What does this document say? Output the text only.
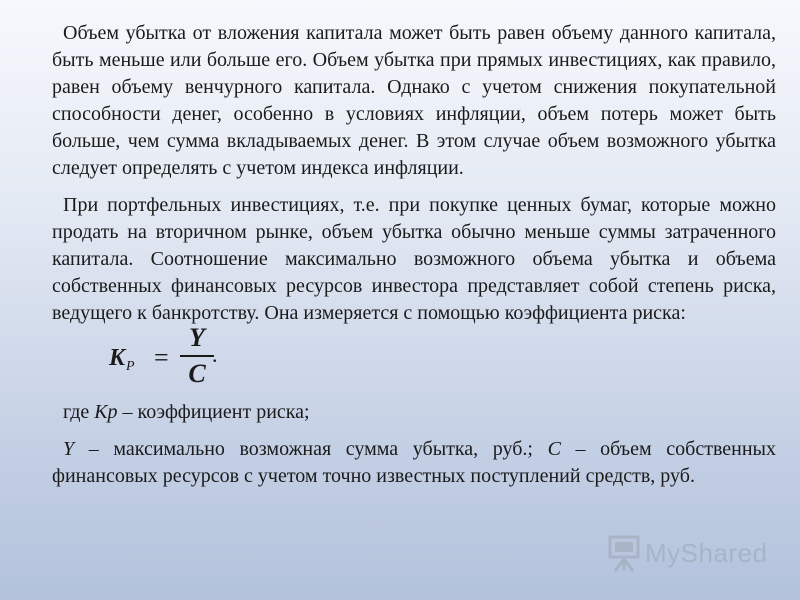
Объем убытка от вложения капитала может быть равен объему данного капитала, быть меньше или больше его. Объем убытка при прямых инвестициях, как правило, равен объему венчурного капитала. Однако с учетом снижения покупательной способности денег, особенно в условиях инфляции, объем потерь может быть больше, чем сумма вкладываемых денег. В этом случае объем возможного убытка следует определять с учетом индекса инфляции.

При портфельных инвестициях, т.е. при покупке ценных бумаг, которые можно продать на вторичном рынке, объем убытка обычно меньше суммы затраченного капитала. Соотношение максимально возможного объема убытка и объема собственных финансовых ресурсов инвестора представляет собой степень риска, ведущего к банкротству. Она измеряется с помощью коэффициента риска:

$K_P$ =
Y
C
.

где Кр – коэффициент риска;

Y – максимально возможная сумма убытка, руб.; С – объем собственных финансовых ресурсов с учетом точно известных поступлений средств, руб.

MyShared
